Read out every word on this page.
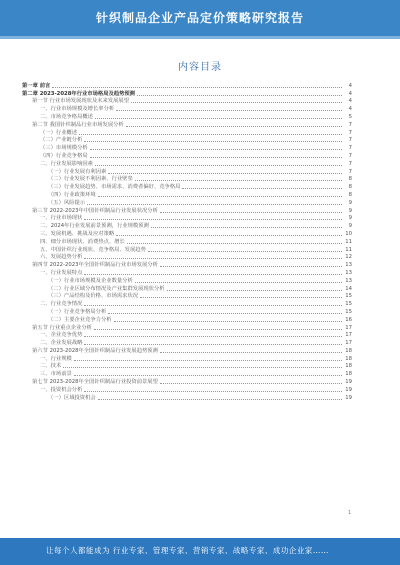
针织制品企业产品定价策略研究报告
内容目录
第一章 前言	4
第二章 2023-2028年行业市场格局及趋势预测	4
第一节 行业市场发展现状及未来发展展望	4
一、行业市场规模及增长率分析	4
二、市场竞争格局概述	5
第二节 我国针织制品行业市场发展分析	7
（一）行业概述	7
（二）产业链分析	7
（三）市场规模分析	7
（四）行业竞争格局	7
二、行业发展影响因素	7
（一）行业发展有利因素	7
（二）行业发展不利因素、行业壁垒	8
（三）行业发展趋势、市场需求、消费者偏好、竞争格局	8
（四）行业政策环境	8
（五）风险提示	9
第三节 2022-2023年中国针织制品行业发展状况分析	9
一、行业市场现状	9
二、2024年行业发展前景预测，行业规模预测	9
三、发展机遇、挑战及应对策略	10
四、细分市场现状、消费热点、增长	11
五、中国针织行业现状、竞争格局、发展趋势	11
六、发展趋势分析	12
第四节 2022-2023年全国针织制品行业市场发展分析	13
一、行业发展特点	13
（一）行业市场规模及企业数量分析	13
（二）行业区域分布情况及产业集群发展现状分析	14
（三）产品结构及价格、市场需求状况	15
二、行业竞争情况	15
（一）行业竞争格局分析	15
（二）主要企业竞争力分析	16
第五节 行业重点企业分析	17
一、企业竞争优势	17
二、企业发展战略	17
第六节 2023-2028年全国针织制品行业发展趋势预测	18
一、行业规模	18
二、技术	18
三、市场前景	18
第七节 2023-2028年全国针织制品行业投资前景展望	19
一、投资机会分析	19
（一）区域投资机会	19
1
让每个人都能成为 行业专家、管理专家、营销专家、战略专家、成功企业家……
